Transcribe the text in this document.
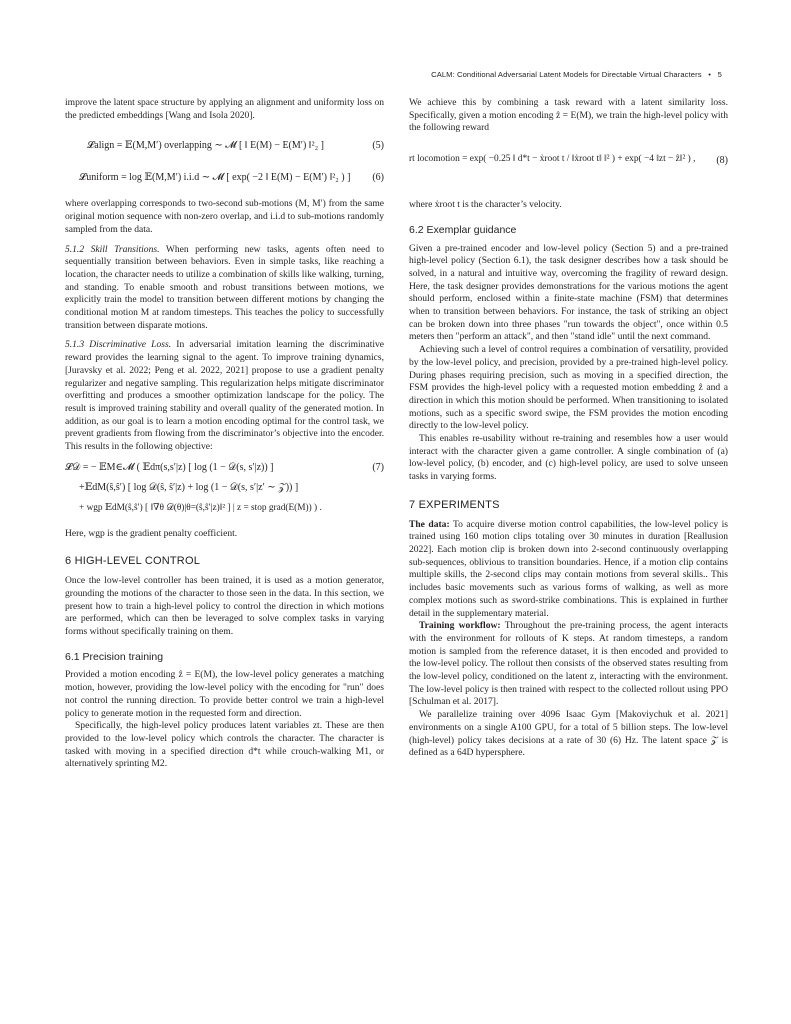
CALM: Conditional Adversarial Latent Models for Directable Virtual Characters • 5

improve the latent space structure by applying an alignment and uniformity loss on the predicted embeddings [Wang and Isola 2020].

𝓛align = 𝔼(M,M′) overlapping ∼ 𝓜 [ ‖ E(M) − E(M′) ‖²₂ ]	(5)
𝓛uniform = log 𝔼(M,M′) i.i.d ∼ 𝓜 [ exp( −2 ‖ E(M) − E(M′) ‖²₂ ) ] (6)

where overlapping corresponds to two-second sub-motions (M, M′) from the same original motion sequence with non-zero overlap, and i.i.d to sub-motions randomly sampled from the data.

5.1.2 Skill Transitions. When performing new tasks, agents often need to sequentially transition between behaviors. Even in simple tasks, like reaching a location, the character needs to utilize a combination of skills like walking, turning, and standing. To enable smooth and robust transitions between motions, we explicitly train the model to transition between different motions by changing the conditional motion M at random timesteps. This teaches the policy to successfully transition between disparate motions.

5.1.3 Discriminative Loss. In adversarial imitation learning the discriminative reward provides the learning signal to the agent. To improve training dynamics, [Juravsky et al. 2022; Peng et al. 2022, 2021] propose to use a gradient penalty regularizer and negative sampling. This regularization helps mitigate discriminator overfitting and produces a smoother optimization landscape for the policy. The result is improved training stability and overall quality of the generated motion. In addition, as our goal is to learn a motion encoding optimal for the control task, we prevent gradients from flowing from the discriminator’s objective into the encoder. This results in the following objective:

𝓛𝒟 = − 𝔼M∈𝓜 ( 𝔼dπ(s,s′|z) [ log (1 − 𝒟(s, s′|z)) ]	(7)
+𝔼dM(ŝ,ŝ′) [ log 𝒟(ŝ, ŝ′|z) + log (1 − 𝒟(s, s′|z′ ∼ 𝒵)) ]
+ wgp 𝔼dM(ŝ,ŝ′) [ ‖∇θ 𝒟(θ)|θ=(ŝ,ŝ′|z)‖² ] | z = stop grad(E(M)) ) .

Here, wgp is the gradient penalty coefficient.

6 HIGH-LEVEL CONTROL

Once the low-level controller has been trained, it is used as a motion generator, grounding the motions of the character to those seen in the data. In this section, we present how to train a high-level policy to control the direction in which motions are performed, which can then be leveraged to solve complex tasks in varying forms without specifically training on them.

6.1 Precision training

Provided a motion encoding ẑ = E(M), the low-level policy generates a matching motion, however, providing the low-level policy with the encoding for "run" does not control the running direction. To provide better control we train a high-level policy to generate motion in the requested form and direction.

Specifically, the high-level policy produces latent variables zt. These are then provided to the low-level policy which controls the character. The character is tasked with moving in a specified direction d*t while crouch-walking M1, or alternatively sprinting M2.

We achieve this by combining a task reward with a latent similarity loss. Specifically, given a motion encoding ẑ = E(M), we train the high-level policy with the following reward

rt locomotion = exp( −0.25 ‖ d*t − ẋroot t / ‖ẋroot t‖ ‖² ) + exp( −4 ‖zt − ẑ‖² ) ,	(8)

where ẋroot t is the character’s velocity.

6.2 Exemplar guidance

Given a pre-trained encoder and low-level policy (Section 5) and a pre-trained high-level policy (Section 6.1), the task designer describes how a task should be solved, in a natural and intuitive way, overcoming the fragility of reward design. Here, the task designer provides demonstrations for the various motions the agent should perform, enclosed within a finite-state machine (FSM) that determines when to transition between behaviors. For instance, the task of striking an object can be broken down into three phases "run towards the object", once within 0.5 meters then "perform an attack", and then "stand idle" until the next command.

Achieving such a level of control requires a combination of versatility, provided by the low-level policy, and precision, provided by a pre-trained high-level policy. During phases requiring precision, such as moving in a specified direction, the FSM provides the high-level policy with a requested motion embedding ẑ and a direction in which this motion should be performed. When transitioning to isolated motions, such as a specific sword swipe, the FSM provides the motion encoding directly to the low-level policy.

This enables re-usability without re-training and resembles how a user would interact with the character given a game controller. A single combination of (a) low-level policy, (b) encoder, and (c) high-level policy, are used to solve unseen tasks in varying forms.

7 EXPERIMENTS

The data: To acquire diverse motion control capabilities, the low-level policy is trained using 160 motion clips totaling over 30 minutes in duration [Reallusion 2022]. Each motion clip is broken down into 2-second continuously overlapping sub-sequences, oblivious to transition boundaries. Hence, if a motion clip contains multiple skills, the 2-second clips may contain motions from several skills.. This includes basic movements such as various forms of walking, as well as more complex motions such as sword-strike combinations. This is explained in further detail in the supplementary material.

Training workflow: Throughout the pre-training process, the agent interacts with the environment for rollouts of K steps. At random timesteps, a random motion is sampled from the reference dataset, it is then encoded and provided to the low-level policy. The rollout then consists of the observed states resulting from the low-level policy, conditioned on the latent z, interacting with the environment. The low-level policy is then trained with respect to the collected rollout using PPO [Schulman et al. 2017].

We parallelize training over 4096 Isaac Gym [Makoviychuk et al. 2021] environments on a single A100 GPU, for a total of 5 billion steps. The low-level (high-level) policy takes decisions at a rate of 30 (6) Hz. The latent space 𝒵 is defined as a 64D hypersphere.
